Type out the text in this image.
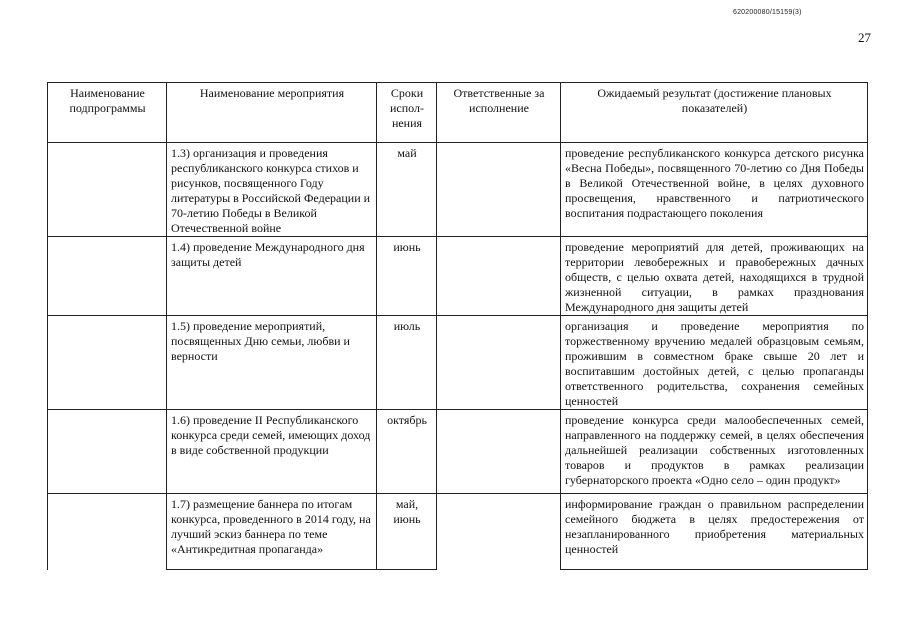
620200080/15159(3)
27
Наименование подпрограммы	Наименование мероприятия	Сроки испол-нения	Ответственные за исполнение	Ожидаемый результат (достижение плановых показателей)
	1.3) организация и проведения республиканского конкурса стихов и рисунков, посвященного Году литературы в Российской Федерации и 70-летию Победы в Великой Отечественной войне	май		проведение республиканского конкурса детского рисунка «Весна Победы», посвященного 70-летию со Дня Победы в Великой Отечественной войне, в целях духовного просвещения, нравственного и патриотического воспитания подрастающего поколения
	1.4) проведение Международного дня защиты детей	июнь		проведение мероприятий для детей, проживающих на территории левобережных и правобережных дачных обществ, с целью охвата детей, находящихся в трудной жизненной ситуации, в рамках празднования Международного дня защиты детей
	1.5) проведение мероприятий, посвященных Дню семьи, любви и верности	июль		организация и проведение мероприятия по торжественному вручению медалей образцовым семьям, прожившим в совместном браке свыше 20 лет и воспитавшим достойных детей, с целью пропаганды ответственного родительства, сохранения семейных ценностей
	1.6) проведение II Республиканского конкурса среди семей, имеющих доход в виде собственной продукции	октябрь		проведение конкурса среди малообеспеченных семей, направленного на поддержку семей, в целях обеспечения дальнейшей реализации собственных изготовленных товаров и продуктов в рамках реализации губернаторского проекта «Одно село – один продукт»
	1.7) размещение баннера по итогам конкурса, проведенного в 2014 году, на лучший эскиз баннера по теме «Антикредитная пропаганда»	май, июнь		информирование граждан о правильном распределении семейного бюджета в целях предостережения от незапланированного приобретения материальных ценностей
